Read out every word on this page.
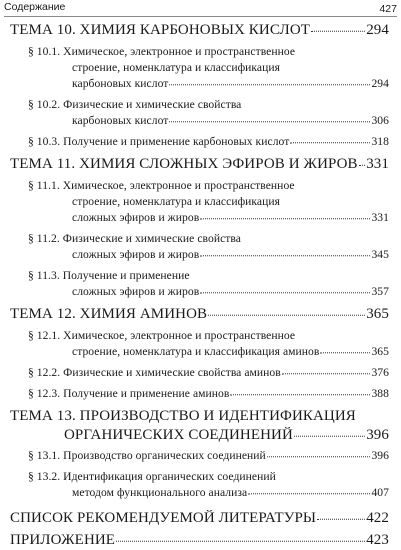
Содержание	427
ТЕМА 10. ХИМИЯ КАРБОНОВЫХ КИСЛОТ	294
§ 10.1. Химическое, электронное и пространственное
строение, номенклатура и классификация
карбоновых кислот	294
§ 10.2. Физические и химические свойства
карбоновых кислот	306
§ 10.3. Получение и применение карбоновых кислот	318
ТЕМА 11. ХИМИЯ СЛОЖНЫХ ЭФИРОВ И ЖИРОВ 331
§ 11.1. Химическое, электронное и пространственное
строение, номенклатура и классификация
сложных эфиров и жиров	331
§ 11.2. Физические и химические свойства
сложных эфиров и жиров	345
§ 11.3. Получение и применение
сложных эфиров и жиров	357
ТЕМА 12. ХИМИЯ АМИНОВ	365
§ 12.1. Химическое, электронное и пространственное
строение, номенклатура и классификация аминов	365
§ 12.2. Физические и химические свойства аминов	376
§ 12.3. Получение и применение аминов	388
ТЕМА 13. ПРОИЗВОДСТВО И ИДЕНТИФИКАЦИЯ
ОРГАНИЧЕСКИХ СОЕДИНЕНИЙ	396
§ 13.1. Производство органических соединений	396
§ 13.2. Идентификация органических соединений
методом функционального анализа	407
СПИСОК РЕКОМЕНДУЕМОЙ ЛИТЕРАТУРЫ	422
ПРИЛОЖЕНИЕ	423
